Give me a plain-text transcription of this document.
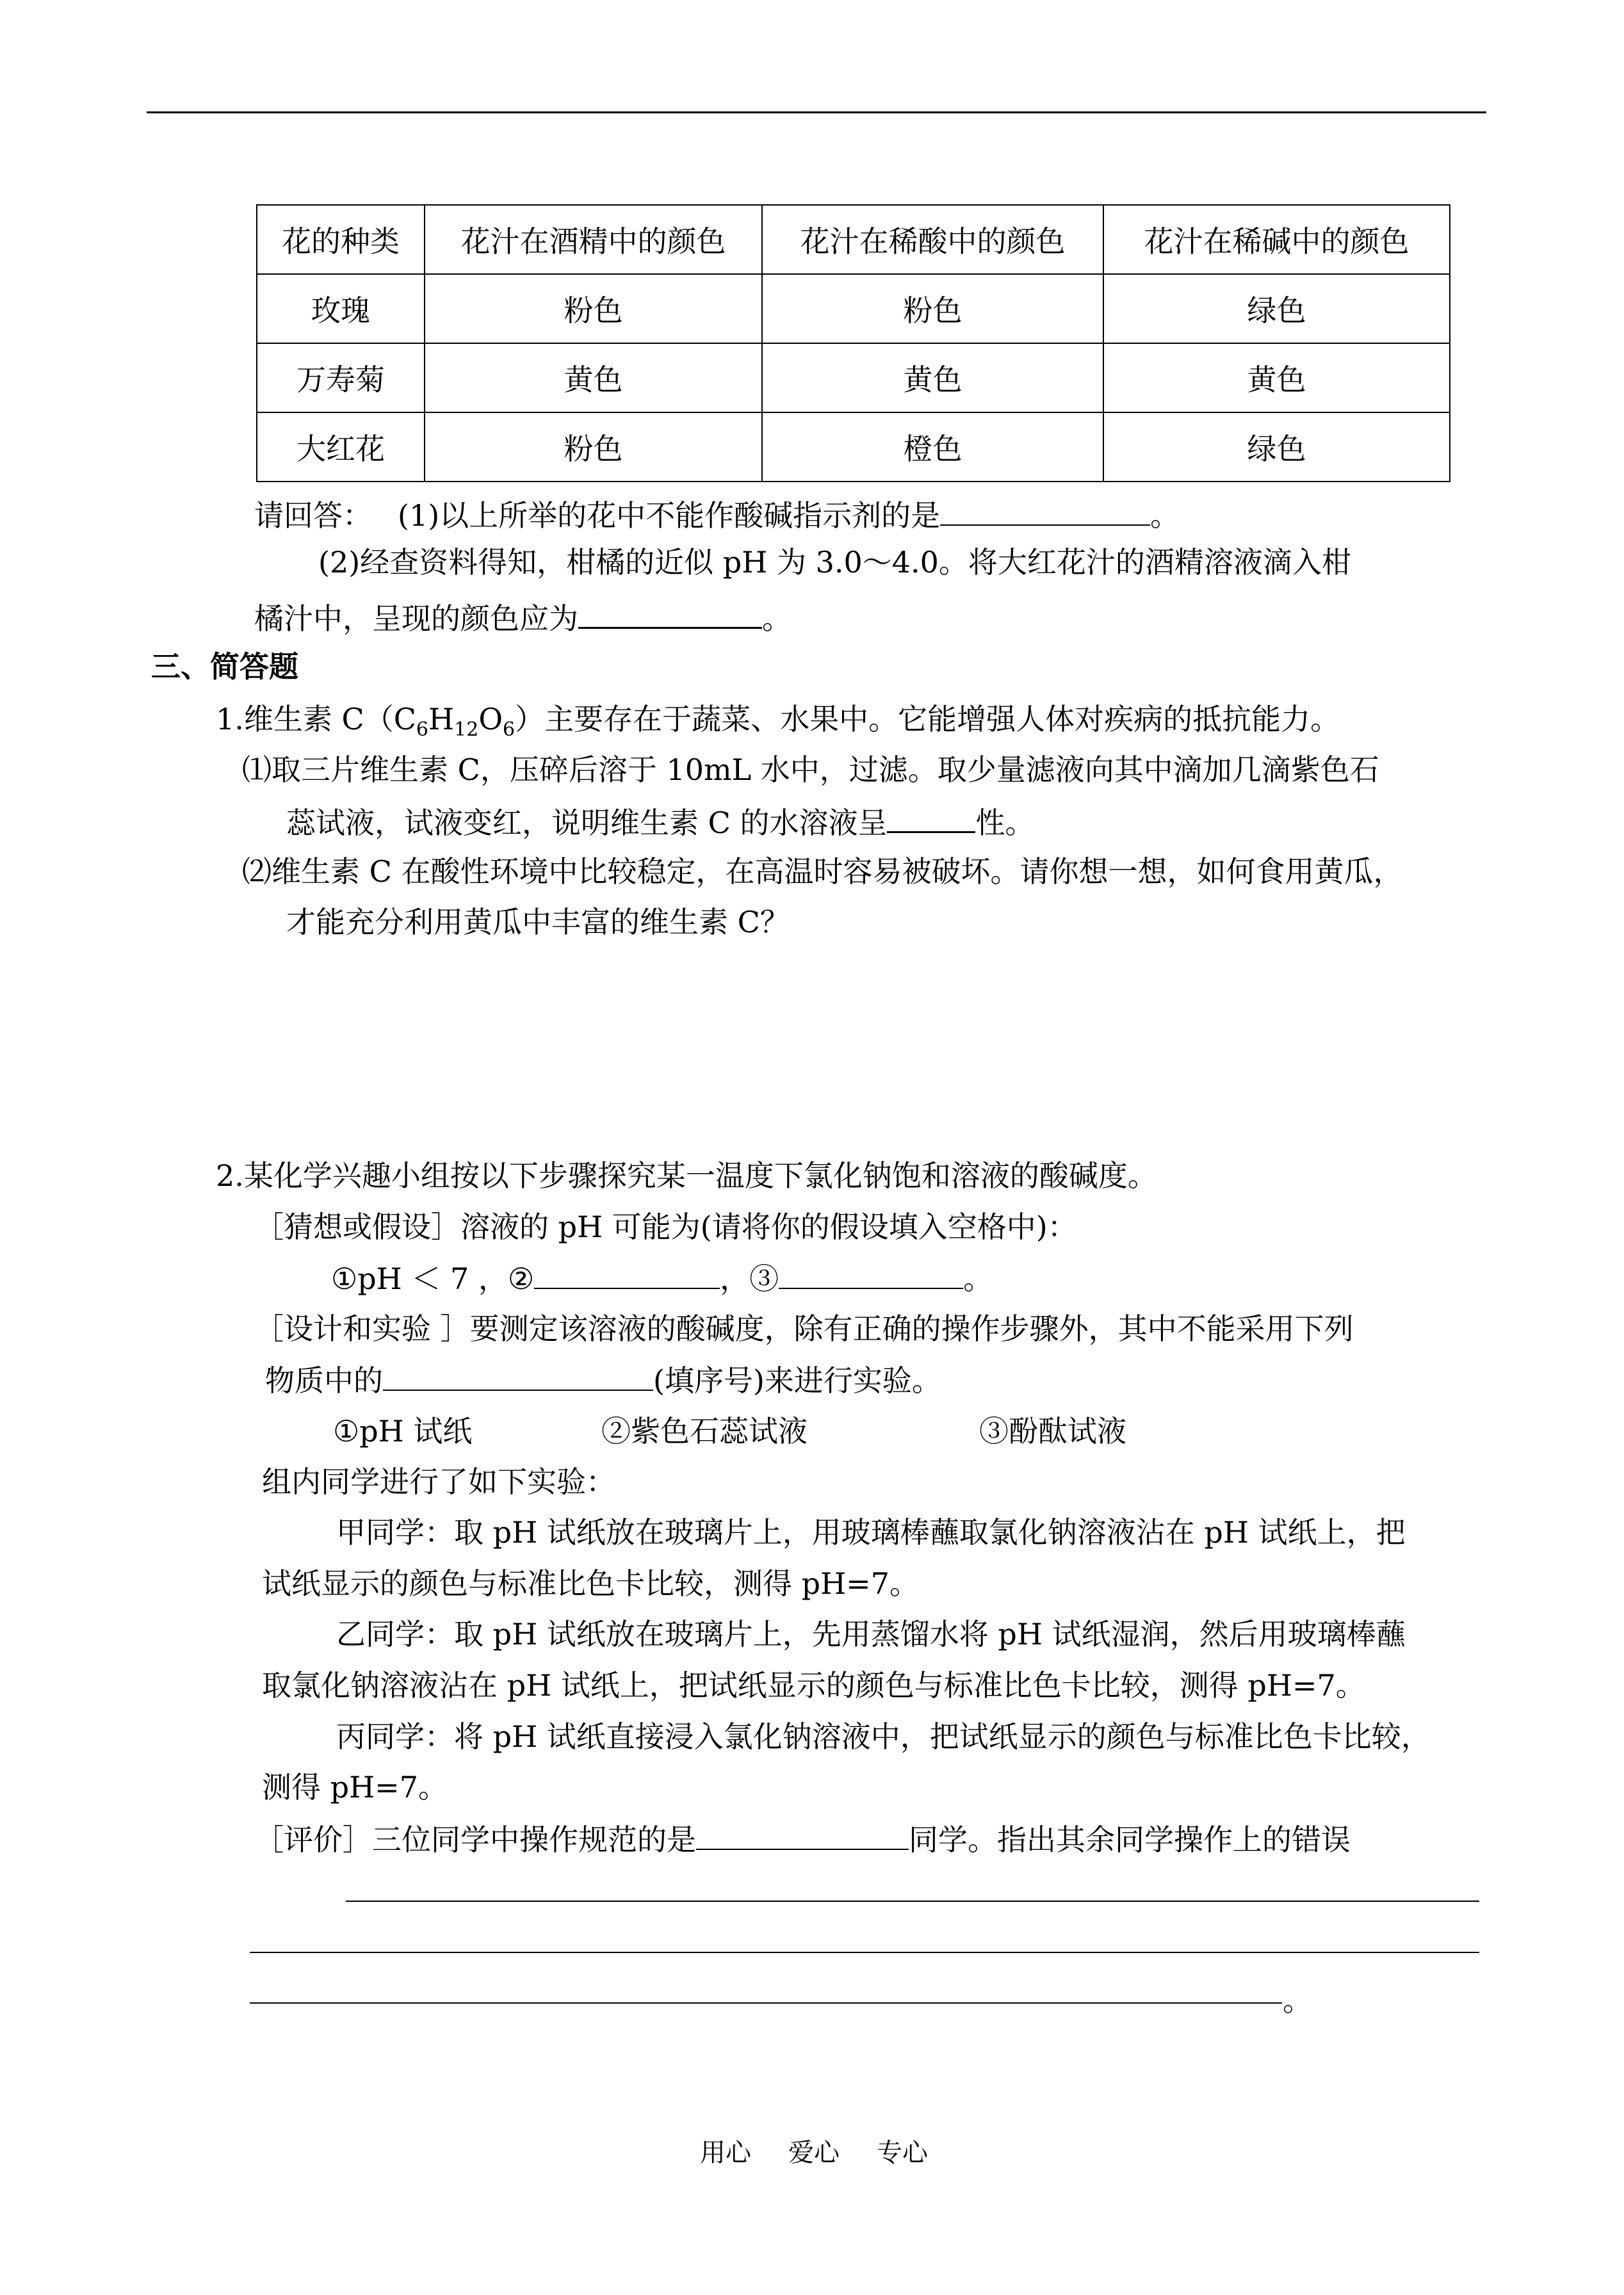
花的种类	花汁在酒精中的颜色	花汁在稀酸中的颜色	花汁在稀碱中的颜色
玫瑰	粉色	粉色	绿色
万寿菊	黄色	黄色	黄色
大红花	粉色	橙色	绿色
请回答： (1)以上所举的花中不能作酸碱指示剂的是	。
(2)经查资料得知，柑橘的近似 pH 为 3.0～4.0。将大红花汁的酒精溶液滴入柑
橘汁中，呈现的颜色应为	。
三、简答题
1.维生素 $C(C_6H_{12}O_6)$主要存在于蔬菜、水果中。它能增强人体对疾病的抵抗能力。
⑴取三片维生素 C，压碎后溶于 10mL 水中，过滤。取少量滤液向其中滴加几滴紫色石
蕊试液，试液变红，说明维生素 C 的水溶液呈	性。
⑵维生素 C 在酸性环境中比较稳定，在高温时容易被破坏。请你想一想，如何食用黄瓜，
才能充分利用黄瓜中丰富的维生素 C？
2.某化学兴趣小组按以下步骤探究某一温度下氯化钠饱和溶液的酸碱度。
［猜想或假设］溶液的 pH 可能为(请将你的假设填入空格中)：
①pH ＜ 7 ，②	，③	。
［设计和实验 ］要测定该溶液的酸碱度，除有正确的操作步骤外，其中不能采用下列
物质中的	(填序号)来进行实验。
①pH 试纸	②紫色石蕊试液	③酚酞试液
组内同学进行了如下实验：
甲同学：取 pH 试纸放在玻璃片上，用玻璃棒蘸取氯化钠溶液沾在 pH 试纸上，把
试纸显示的颜色与标准比色卡比较，测得 pH=7。
乙同学：取 pH 试纸放在玻璃片上，先用蒸馏水将 pH 试纸湿润，然后用玻璃棒蘸
取氯化钠溶液沾在 pH 试纸上，把试纸显示的颜色与标准比色卡比较，测得 pH=7。
丙同学：将 pH 试纸直接浸入氯化钠溶液中，把试纸显示的颜色与标准比色卡比较，
测得 pH=7。
［评价］三位同学中操作规范的是	同学。指出其余同学操作上的错误
。
用心 爱心 专心
